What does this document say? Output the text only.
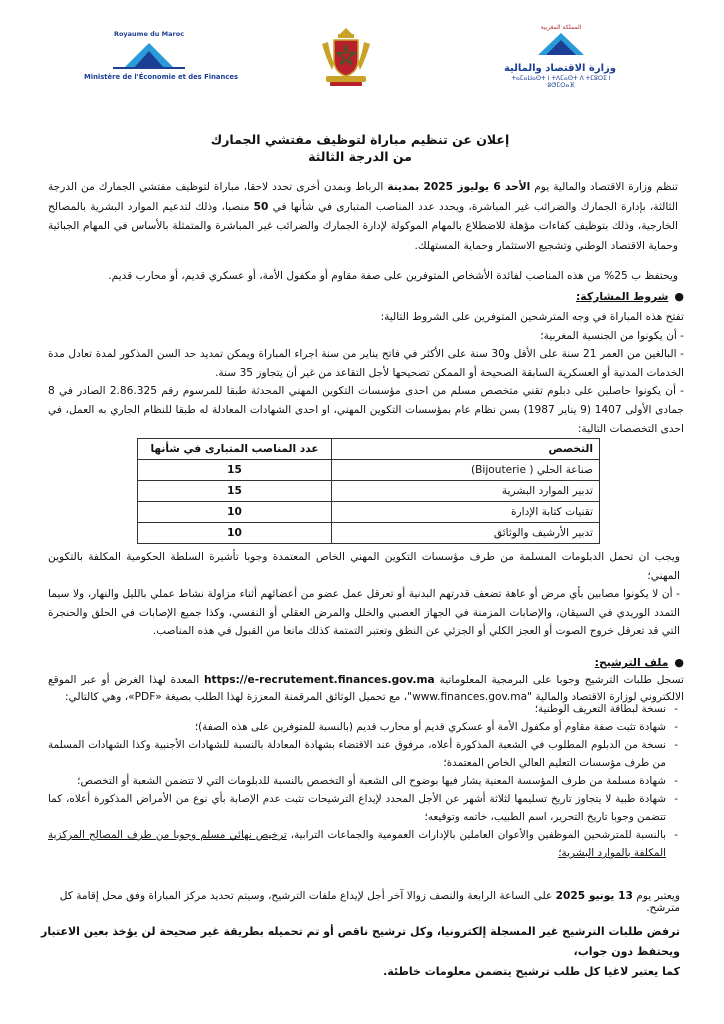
Royaume du Maroc
Ministère de l'Économie et des Finances
المملكة المغربية
وزارة الاقتصاد والمالية
ⵜⴰⵎⴰⵡⴰⵙⵜ ⵏ ⵜⴷⵎⴰⵙⵜ ⴷ ⵜⵎⵓⵔⵉ ⵏ ⵓⵚⵎⵔⴰⴼ
إعلان عن تنظيم مباراة لتوظيف مفتشي الجمارك
من الدرجة الثالثة
تنظم وزارة الاقتصاد والمالية يوم الأحد 6 يوليوز 2025 بمدينة الرباط وبمدن أخرى تحدد لاحقا، مباراة لتوظيف مفتشي الجمارك من الدرجة الثالثة، بإدارة الجمارك والضرائب غير المباشرة، ويحدد عدد المناصب المتبارى في شأنها في 50 منصبا، وذلك لتدعيم الموارد البشرية بالمصالح الخارجية، وذلك بتوظيف كفاءات مؤهلة للاضطلاع بالمهام الموكولة لإدارة الجمارك والضرائب غير المباشرة والمتمثلة بالأساس في المهام الجبائية وحماية الاقتصاد الوطني وتشجيع الاستثمار وحماية المستهلك.
ويحتفظ ب 25% من هذه المناصب لفائدة الأشخاص المتوفرين على صفة مقاوم أو مكفول الأمة، أو عسكري قديم، أو محارب قديم.
●شروط المشاركة:
تفتح هذه المباراة في وجه المترشحين المتوفرين على الشروط التالية:
- أن يكونوا من الجنسية المغربية؛
- البالغين من العمر 21 سنة على الأقل و30 سنة على الأكثر في فاتح يناير من سنة اجراء المباراة ويمكن تمديد حد السن المذكور لمدة تعادل مدة الخدمات المدنية أو العسكرية السابقة الصحيحة أو الممكن تصحيحها لأجل التقاعد من غير أن يتجاوز 35 سنة.
- أن يكونوا حاصلين على دبلوم تقني متخصص مسلم من احدى مؤسسات التكوين المهني المحدثة طبقا للمرسوم رقم 2.86.325 الصادر في 8 جمادى الأولى 1407 (9 يناير 1987) بسن نظام عام بمؤسسات التكوين المهني، او احدى الشهادات المعادلة له طبقا للنظام الجاري به العمل، في احدى التخصصات التالية:
التخصص	عدد المناصب المتبارى في شأنها
صناعة الحلي ( Bijouterie)	15
تدبير الموارد البشرية	15
تقنيات كتابة الإدارة	10
تدبير الأرشيف والوثائق	10
ويجب ان تحمل الدبلومات المسلمة من طرف مؤسسات التكوين المهني الخاص المعتمدة وجوبا تأشيرة السلطة الحكومية المكلفة بالتكوين المهني؛
- أن لا يكونوا مصابين بأي مرض أو عاهة تضعف قدرتهم البدنية أو تعرقل عمل عضو من أعضائهم أثناء مزاولة نشاط عملي بالليل والنهار، ولا سيما التمدد الوريدي في السيقان، والإصابات المزمنة في الجهاز العصبي والخلل والمرض العقلي أو النفسي، وكذا جميع الإصابات في الحلق والحنجرة التي قد تعرقل خروج الصوت أو العجز الكلي أو الجزئي عن النطق وتعتبر التمتمة كذلك مانعا من القبول في هذه المناصب.
●ملف الترشيح:
تسجل طلبات الترشيح وجوبا على البرمجية المعلوماتية https://e-recrutement.finances.gov.ma المعدة لهذا الغرض أو عبر الموقع الالكتروني لوزارة الاقتصاد والمالية "www.finances.gov.ma"، مع تحميل الوثائق المرقمنة المعززة لهذا الطلب بصيغة «PDF»، وهي كالتالي:
- نسخة لبطاقة التعريف الوطنية؛
- شهادة تثبت صفة مقاوم أو مكفول الأمة أو عسكري قديم أو محارب قديم (بالنسبة للمتوفرين على هذه الصفة)؛
- نسخة من الدبلوم المطلوب في الشعبة المذكورة أعلاه، مرفوق عند الاقتضاء بشهادة المعادلة بالنسبة للشهادات الأجنبية وكذا الشهادات المسلمة من طرف مؤسسات التعليم العالي الخاص المعتمدة؛
- شهادة مسلمة من طرف المؤسسة المعنية يشار فيها بوضوح الى الشعبة أو التخصص بالنسبة للدبلومات التي لا تتضمن الشعبة أو التخصص؛
- شهادة طبية لا يتجاوز تاريخ تسليمها لثلاثة أشهر عن الأجل المحدد لإيداع الترشيحات تثبت عدم الإصابة بأي نوع من الأمراض المذكورة أعلاه، كما تتضمن وجوبا تاريخ التحرير، اسم الطبيب، خاتمه وتوقيعه؛
- بالنسبة للمترشحين الموظفين والأعوان العاملين بالإدارات العمومية والجماعات الترابية، ترخيص نهائي مسلم وجوبا من طرف المصالح المركزية المكلفة بالموارد البشرية؛
ويعتبر يوم 13 يونيو 2025 على الساعة الرابعة والنصف زوالا آخر أجل لإيداع ملفات الترشيح، وسيتم تحديد مركز المباراة وفق محل إقامة كل مترشح.
ترفض طلبات الترشيح غير المسجلة إلكترونيا، وكل ترشيح ناقص أو تم تحميله بطريقة غير صحيحة لن يؤخذ بعين الاعتبار ويحتفظ دون جواب،
كما يعتبر لاغيا كل طلب ترشيح يتضمن معلومات خاطئة.
